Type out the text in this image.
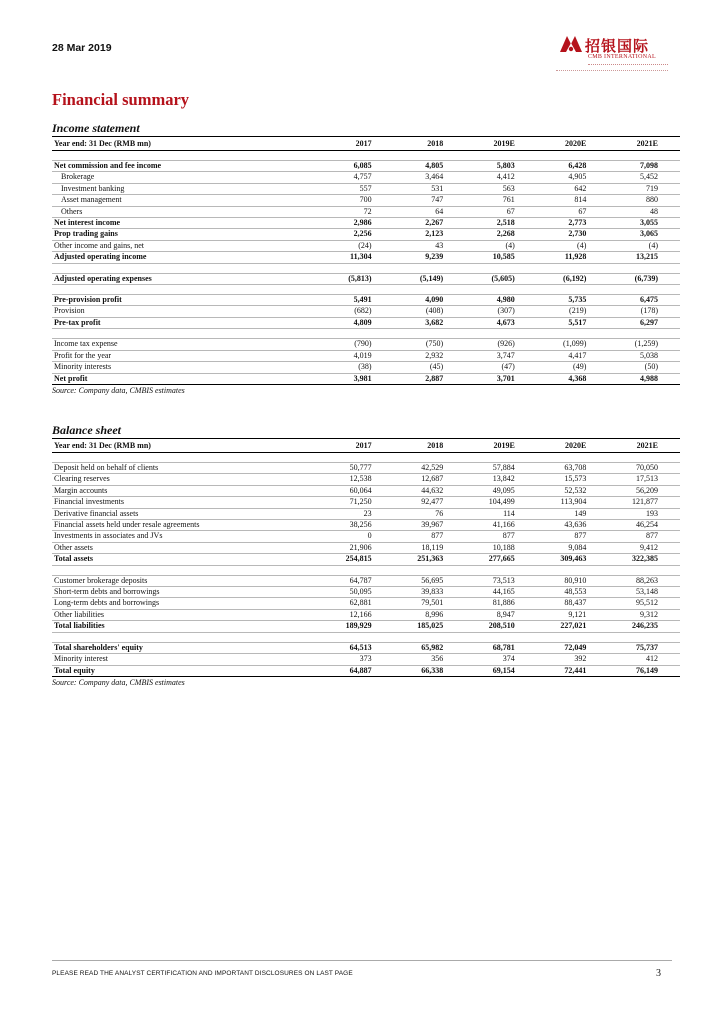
28 Mar 2019	招银国际
CMB INTERNATIONAL
Financial summary
Income statement
Year end: 31 Dec (RMB mn)	2017	2018	2019E	2020E	2021E

Net commission and fee income	6,085	4,805	5,803	6,428	7,098
Brokerage	4,757	3,464	4,412	4,905	5,452
Investment banking	557	531	563	642	719
Asset management	700	747	761	814	880
Others	72	64	67	67	48
Net interest income	2,986	2,267	2,518	2,773	3,055
Prop trading gains	2,256	2,123	2,268	2,730	3,065
Other income and gains, net	(24)	43	(4)	(4)	(4)
Adjusted operating income	11,304	9,239	10,585	11,928	13,215

Adjusted operating expenses	(5,813)	(5,149)	(5,605)	(6,192)	(6,739)

Pre-provision profit	5,491	4,090	4,980	5,735	6,475
Provision	(682)	(408)	(307)	(219)	(178)
Pre-tax profit	4,809	3,682	4,673	5,517	6,297

Income tax expense	(790)	(750)	(926)	(1,099)	(1,259)
Profit for the year	4,019	2,932	3,747	4,417	5,038
Minority interests	(38)	(45)	(47)	(49)	(50)
Net profit	3,981	2,887	3,701	4,368	4,988
Source: Company data, CMBIS estimates
Balance sheet
Year end: 31 Dec (RMB mn)	2017	2018	2019E	2020E	2021E

Deposit held on behalf of clients	50,777	42,529	57,884	63,708	70,050
Clearing reserves	12,538	12,687	13,842	15,573	17,513
Margin accounts	60,064	44,632	49,095	52,532	56,209
Financial investments	71,250	92,477	104,499	113,904	121,877
Derivative financial assets	23	76	114	149	193
Financial assets held under resale agreements	38,256	39,967	41,166	43,636	46,254
Investments in associates and JVs	0	877	877	877	877
Other assets	21,906	18,119	10,188	9,084	9,412
Total assets	254,815	251,363	277,665	309,463	322,385

Customer brokerage deposits	64,787	56,695	73,513	80,910	88,263
Short-term debts and borrowings	50,095	39,833	44,165	48,553	53,148
Long-term debts and borrowings	62,881	79,501	81,886	88,437	95,512
Other liabilities	12,166	8,996	8,947	9,121	9,312
Total liabilities	189,929	185,025	208,510	227,021	246,235

Total shareholders' equity	64,513	65,982	68,781	72,049	75,737
Minority interest	373	356	374	392	412
Total equity	64,887	66,338	69,154	72,441	76,149
Source: Company data, CMBIS estimates
PLEASE READ THE ANALYST CERTIFICATION AND IMPORTANT DISCLOSURES ON LAST PAGE	3
